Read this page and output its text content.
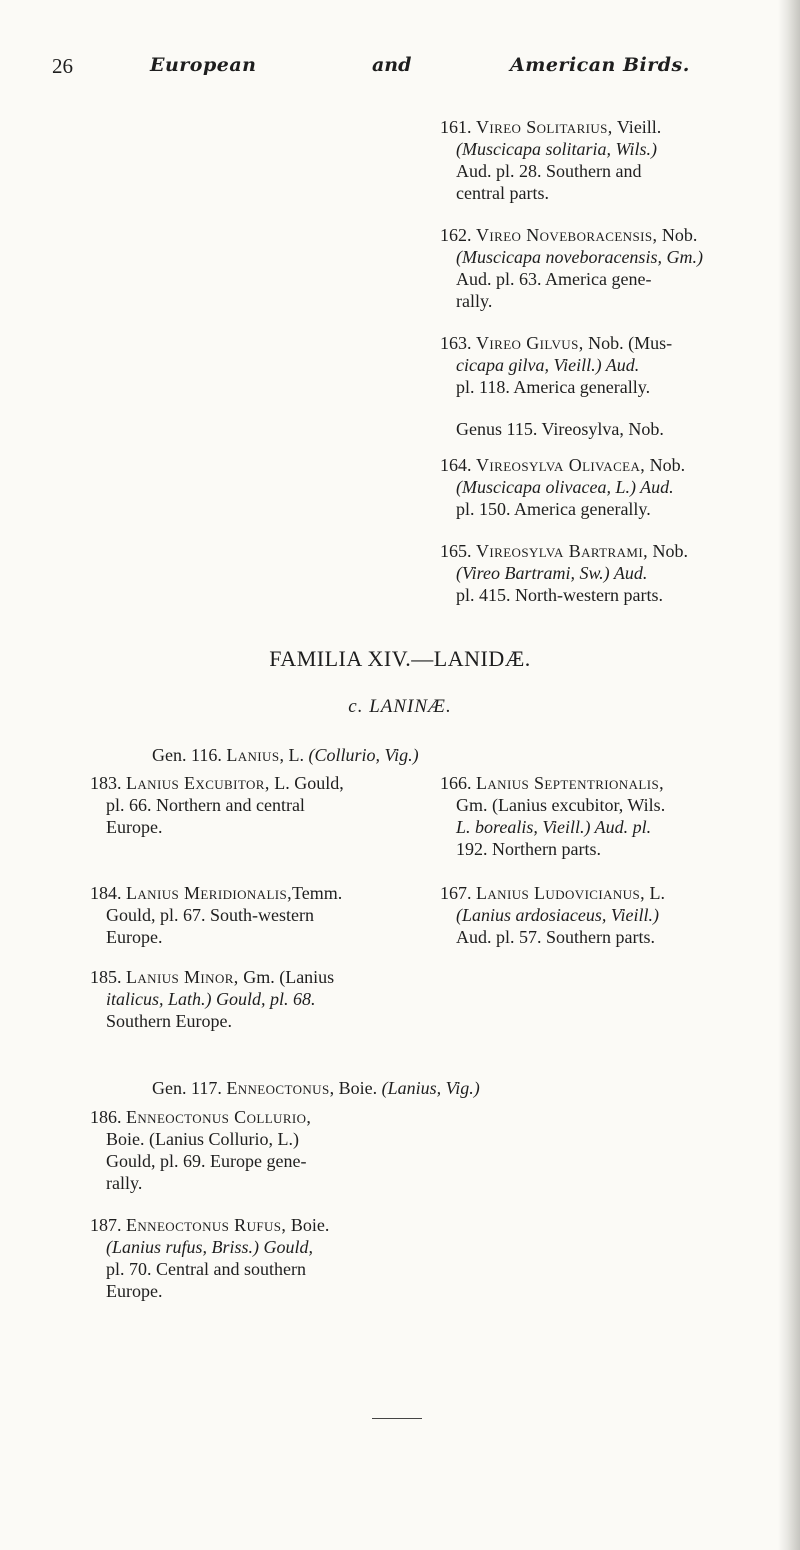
26	European	and	American Birds.
161. Vireo Solitarius, Vieill.
(Muscicapa solitaria, Wils.)
Aud. pl. 28. Southern and
central parts.
162. Vireo Noveboracensis, Nob.
(Muscicapa noveboracensis, Gm.)
Aud. pl. 63. America gene-
rally.
163. Vireo Gilvus, Nob. (Mus-
cicapa gilva, Vieill.) Aud.
pl. 118. America generally.
Genus 115. Vireosylva, Nob.
164. Vireosylva Olivacea, Nob.
(Muscicapa olivacea, L.) Aud.
pl. 150. America generally.
165. Vireosylva Bartrami, Nob.
(Vireo Bartrami, Sw.) Aud.
pl. 415. North-western parts.
FAMILIA XIV.—LANIDÆ.
c. LANINÆ.
Gen. 116. Lanius, L. (Collurio, Vig.)
183. Lanius Excubitor, L. Gould,
pl. 66. Northern and central
Europe.
184. Lanius Meridionalis,Temm.
Gould, pl. 67. South-western
Europe.
185. Lanius Minor, Gm. (Lanius
italicus, Lath.) Gould, pl. 68.
Southern Europe.
166. Lanius Septentrionalis,
Gm. (Lanius excubitor, Wils.
L. borealis, Vieill.) Aud. pl.
192. Northern parts.
167. Lanius Ludovicianus, L.
(Lanius ardosiaceus, Vieill.)
Aud. pl. 57. Southern parts.
Gen. 117. Enneoctonus, Boie. (Lanius, Vig.)
186. Enneoctonus Collurio,
Boie. (Lanius Collurio, L.)
Gould, pl. 69. Europe gene-
rally.
187. Enneoctonus Rufus, Boie.
(Lanius rufus, Briss.) Gould,
pl. 70. Central and southern
Europe.
